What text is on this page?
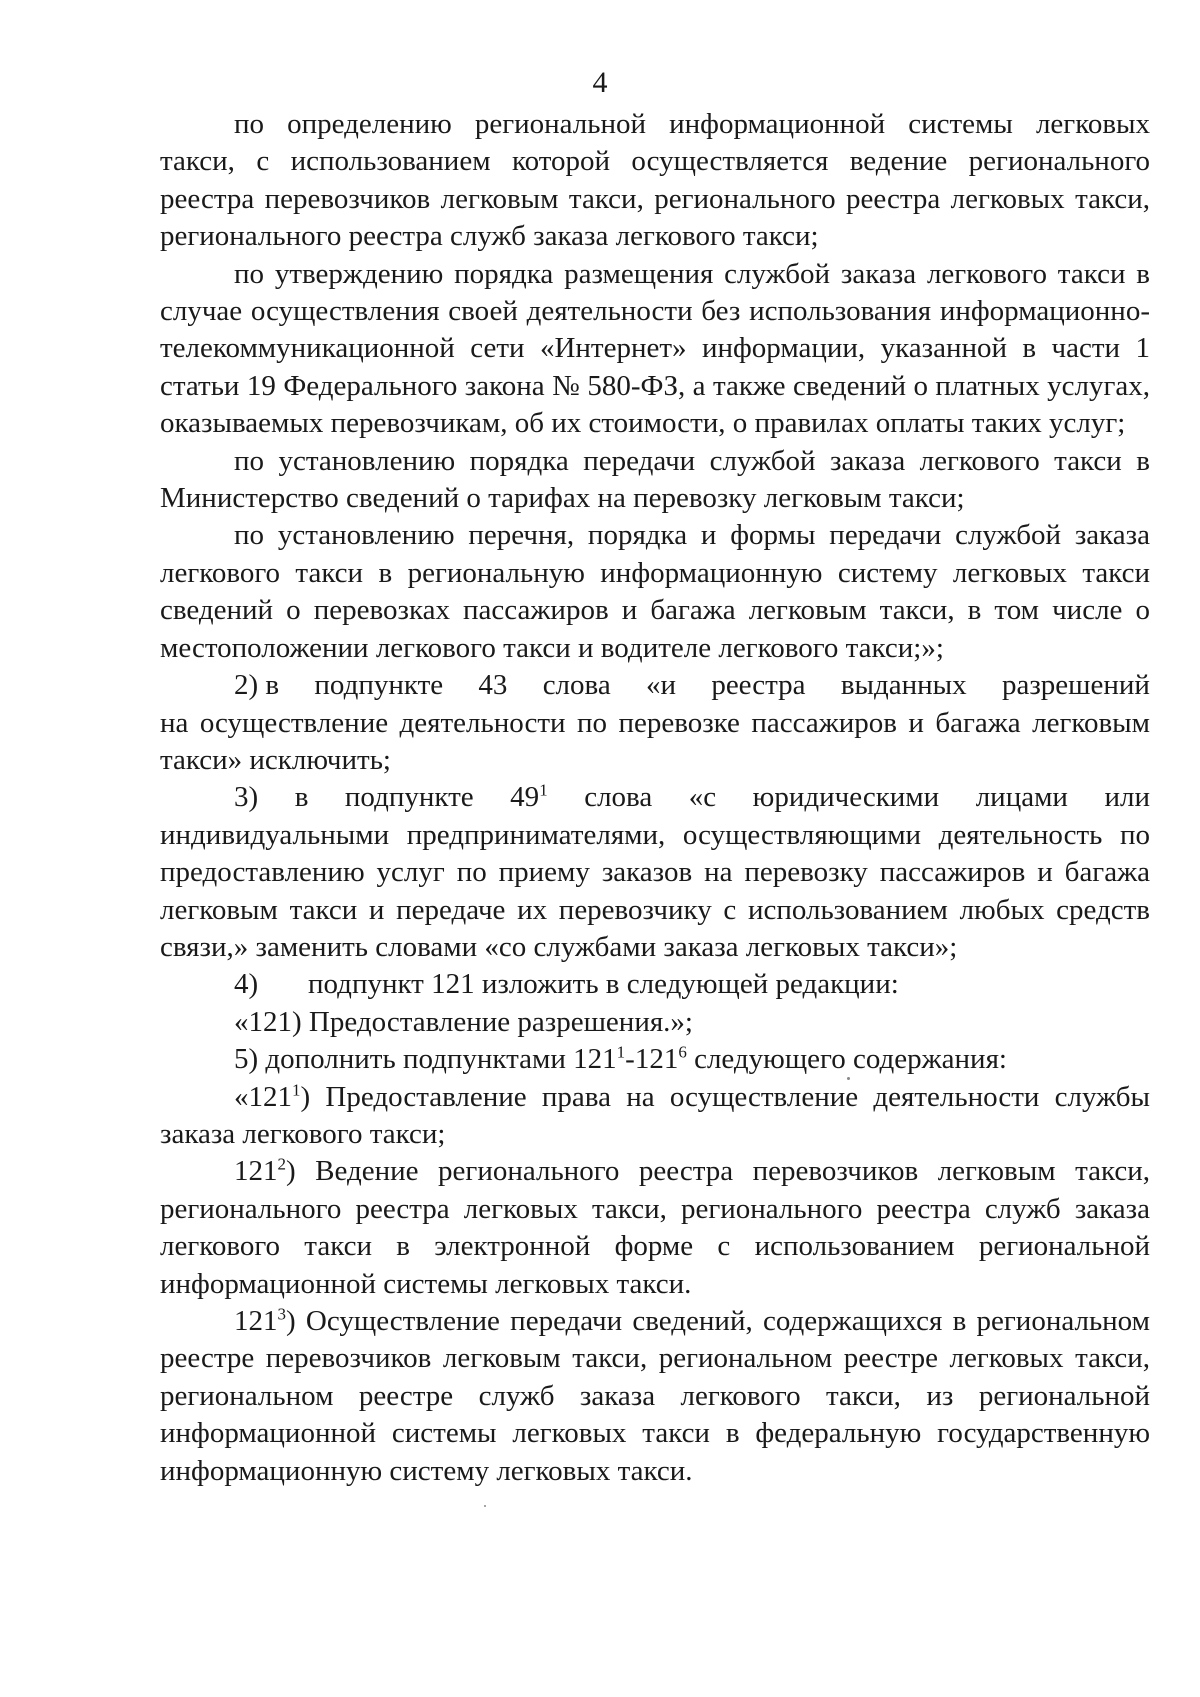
4

по определению региональной информационной системы легковых такси, с использованием которой осуществляется ведение регионального реестра перевозчиков легковым такси, регионального реестра легковых такси, регионального реестра служб заказа легкового такси;

по утверждению порядка размещения службой заказа легкового такси в случае осуществления своей деятельности без использования информационно-телекоммуникационной сети «Интернет» информации, указанной в части 1 статьи 19 Федерального закона № 580-ФЗ, а также сведений о платных услугах, оказываемых перевозчикам, об их стоимости, о правилах оплаты таких услуг;

по установлению порядка передачи службой заказа легкового такси в Министерство сведений о тарифах на перевозку легковым такси;

по установлению перечня, порядка и формы передачи службой заказа легкового такси в региональную информационную систему легковых такси сведений о перевозках пассажиров и багажа легковым такси, в том числе о местоположении легкового такси и водителе легкового такси;»;

2) в подпункте 43 слова «и реестра выданных разрешений

на осуществление деятельности по перевозке пассажиров и багажа легковым такси» исключить;

3) в подпункте $49^1$ слова «с юридическими лицами или индивидуальными предпринимателями, осуществляющими деятельность по предоставлению услуг по приему заказов на перевозку пассажиров и багажа легковым такси и передаче их перевозчику с использованием любых средств связи,» заменить словами «со службами заказа легковых такси»;

4) подпункт 121 изложить в следующей редакции:

«121) Предоставление разрешения.»;

5) дополнить подпунктами $121^1-121^6$ следующего содержания:

«$121^1$) Предоставление права на осуществление деятельности службы заказа легкового такси;

$121^2$) Ведение регионального реестра перевозчиков легковым такси, регионального реестра легковых такси, регионального реестра служб заказа легкового такси в электронной форме с использованием региональной информационной системы легковых такси.

$121^3$) Осуществление передачи сведений, содержащихся в региональном реестре перевозчиков легковым такси, региональном реестре легковых такси, региональном реестре служб заказа легкового такси, из региональной информационной системы легковых такси в федеральную государственную информационную систему легковых такси.
